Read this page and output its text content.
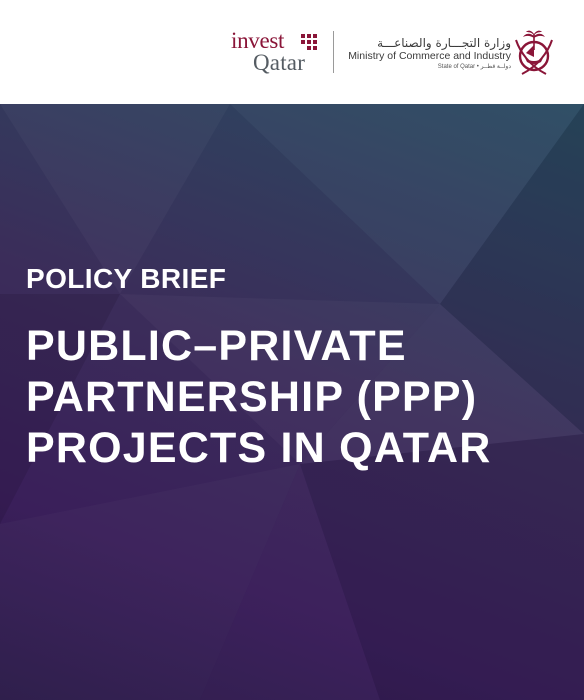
invest
Qatar
وزارة التجـــارة والصناعـــة
Ministry of Commerce and Industry
State of Qatar • دولــة قطــر
POLICY BRIEF
PUBLIC–PRIVATE
PARTNERSHIP (PPP)
PROJECTS IN QATAR
